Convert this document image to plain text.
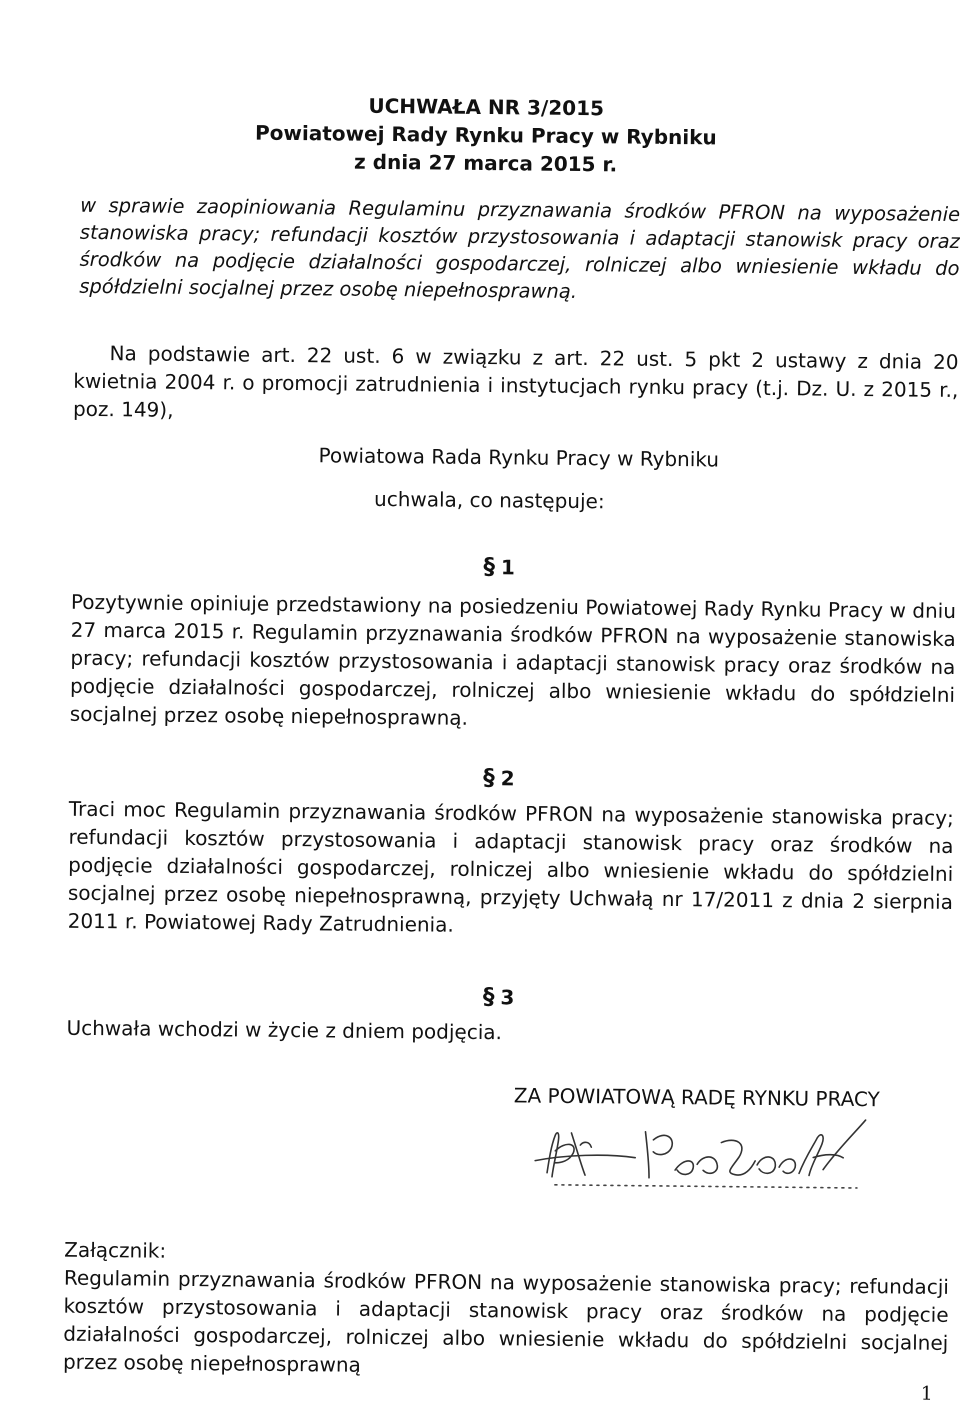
UCHWAŁA NR 3/2015
Powiatowej Rady Rynku Pracy w Rybniku
z dnia 27 marca 2015 r.
w sprawie zaopiniowania Regulaminu przyznawania środków PFRON na wyposażenie stanowiska pracy; refundacji kosztów przystosowania i adaptacji stanowisk pracy oraz środków na podjęcie działalności gospodarczej, rolniczej albo wniesienie wkładu do spółdzielni socjalnej przez osobę niepełnosprawną.
Na podstawie art. 22 ust. 6 w związku z art. 22 ust. 5 pkt 2 ustawy z dnia 20 kwietnia 2004 r. o promocji zatrudnienia i instytucjach rynku pracy (t.j. Dz. U. z 2015 r., poz. 149),
Powiatowa Rada Rynku Pracy w Rybniku
uchwala, co następuje:
§ 1
Pozytywnie opiniuje przedstawiony na posiedzeniu Powiatowej Rady Rynku Pracy w dniu 27 marca 2015 r. Regulamin przyznawania środków PFRON na wyposażenie stanowiska pracy; refundacji kosztów przystosowania i adaptacji stanowisk pracy oraz środków na podjęcie działalności gospodarczej, rolniczej albo wniesienie wkładu do spółdzielni socjalnej przez osobę niepełnosprawną.
§ 2
Traci moc Regulamin przyznawania środków PFRON na wyposażenie stanowiska pracy; refundacji kosztów przystosowania i adaptacji stanowisk pracy oraz środków na podjęcie działalności gospodarczej, rolniczej albo wniesienie wkładu do spółdzielni socjalnej przez osobę niepełnosprawną, przyjęty Uchwałą nr 17/2011 z dnia 2 sierpnia 2011 r. Powiatowej Rady Zatrudnienia.
§ 3
Uchwała wchodzi w życie z dniem podjęcia.
ZA POWIATOWĄ RADĘ RYNKU PRACY
Załącznik:
Regulamin przyznawania środków PFRON na wyposażenie stanowiska pracy; refundacji kosztów przystosowania i adaptacji stanowisk pracy oraz środków na podjęcie działalności gospodarczej, rolniczej albo wniesienie wkładu do spółdzielni socjalnej przez osobę niepełnosprawną
1
